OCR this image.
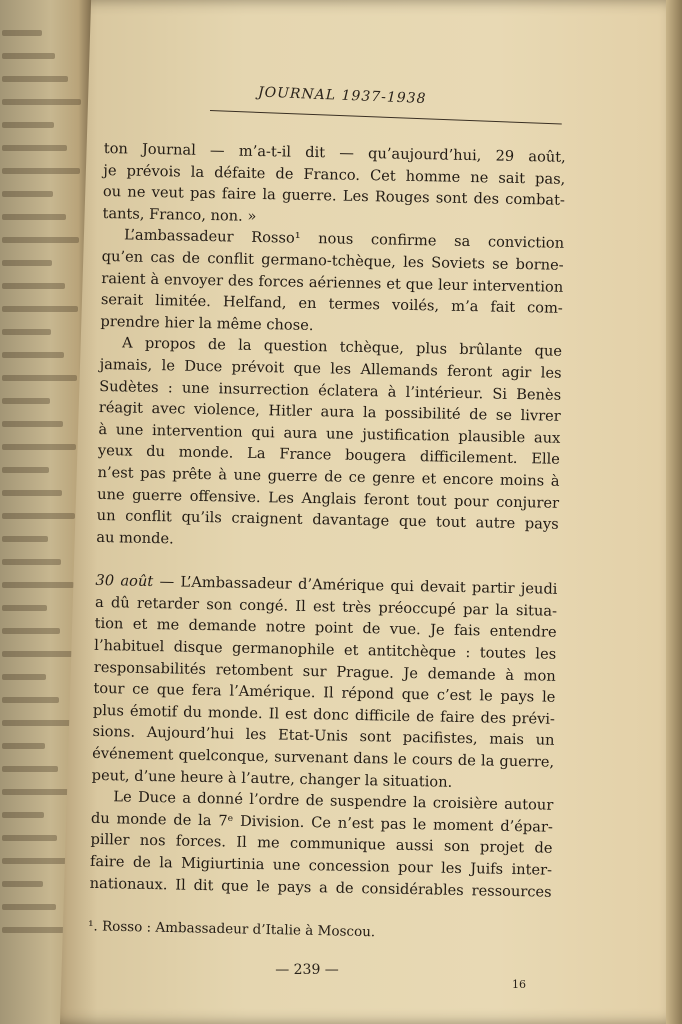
JOURNAL 1937-1938
ton Journal — m’a-t-il dit — qu’aujourd’hui, 29 août,
je prévois la défaite de Franco. Cet homme ne sait pas,
ou ne veut pas faire la guerre. Les Rouges sont des combat-
tants, Franco, non. »
L’ambassadeur Rosso¹ nous confirme sa conviction
qu’en cas de conflit germano-tchèque, les Soviets se borne-
raient à envoyer des forces aériennes et que leur intervention
serait limitée. Helfand, en termes voilés, m’a fait com-
prendre hier la même chose.
A propos de la question tchèque, plus brûlante que
jamais, le Duce prévoit que les Allemands feront agir les
Sudètes : une insurrection éclatera à l’intérieur. Si Benès
réagit avec violence, Hitler aura la possibilité de se livrer
à une intervention qui aura une justification plausible aux
yeux du monde. La France bougera difficilement. Elle
n’est pas prête à une guerre de ce genre et encore moins à
une guerre offensive. Les Anglais feront tout pour conjurer
un conflit qu’ils craignent davantage que tout autre pays
au monde.
30 août — L’Ambassadeur d’Amérique qui devait partir jeudi
a dû retarder son congé. Il est très préoccupé par la situa-
tion et me demande notre point de vue. Je fais entendre
l’habituel disque germanophile et antitchèque : toutes les
responsabilités retombent sur Prague. Je demande à mon
tour ce que fera l’Amérique. Il répond que c’est le pays le
plus émotif du monde. Il est donc difficile de faire des prévi-
sions. Aujourd’hui les Etat-Unis sont pacifistes, mais un
événement quelconque, survenant dans le cours de la guerre,
peut, d’une heure à l’autre, changer la situation.
Le Duce a donné l’ordre de suspendre la croisière autour
du monde de la 7ᵉ Division. Ce n’est pas le moment d’épar-
piller nos forces. Il me communique aussi son projet de
faire de la Migiurtinia une concession pour les Juifs inter-
nationaux. Il dit que le pays a de considérables ressources
¹. Rosso : Ambassadeur d’Italie à Moscou.
— 239 —
16
